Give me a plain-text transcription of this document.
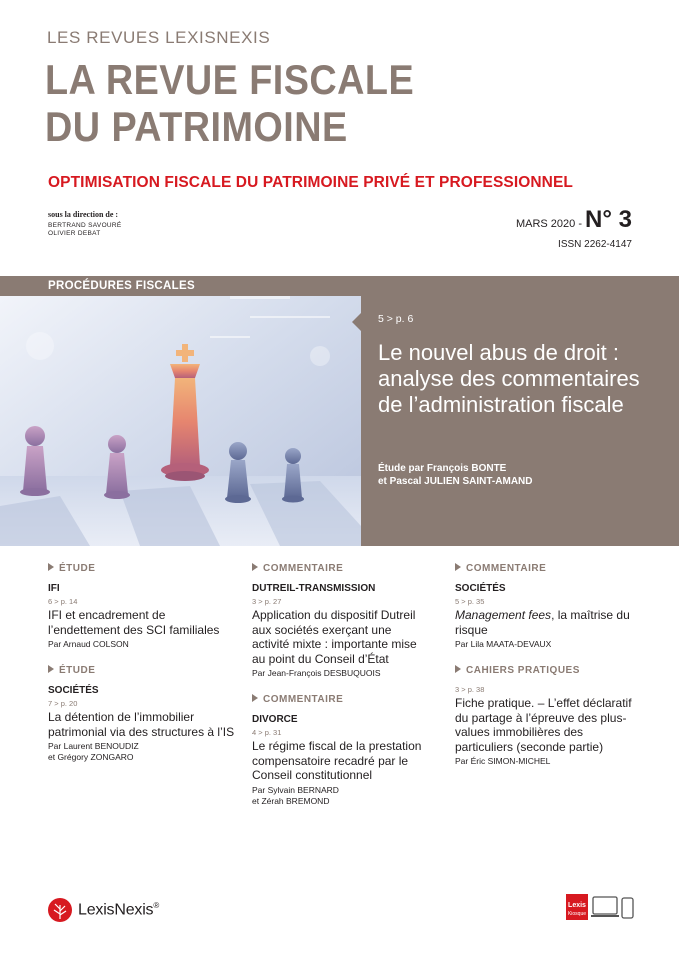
LES REVUES LEXISNEXIS
LA REVUE FISCALE
DU PATRIMOINE
OPTIMISATION FISCALE DU PATRIMOINE PRIVÉ ET PROFESSIONNEL
sous la direction de :
BERTRAND SAVOURÉ
OLIVIER DEBAT
MARS 2020 - N° 3
ISSN 2262-4147
PROCÉDURES FISCALES
5 > p. 6
Le nouvel abus de droit : analyse des commentaires de l’administration fiscale
Étude par François BONTE
et Pascal JULIEN SAINT-AMAND
ÉTUDE
IFI
6 > p. 14
IFI et encadrement de l’endettement des SCI familiales
Par Arnaud COLSON
ÉTUDE
SOCIÉTÉS
7 > p. 20
La détention de l’immobilier patrimonial via des structures à l’IS
Par Laurent BENOUDIZ
et Grégory ZONGARO
COMMENTAIRE
DUTREIL-TRANSMISSION
3 > p. 27
Application du dispositif Dutreil aux sociétés exerçant une activité mixte : importante mise au point du Conseil d’État
Par Jean-François DESBUQUOIS
COMMENTAIRE
DIVORCE
4 > p. 31
Le régime fiscal de la prestation compensatoire recadré par le Conseil constitutionnel
Par Sylvain BERNARD
et Zérah BREMOND
COMMENTAIRE
SOCIÉTÉS
5 > p. 35
Management fees, la maîtrise du risque
Par Lila MAATA-DEVAUX
CAHIERS PRATIQUES
3 > p. 38
Fiche pratique. – L’effet déclaratif du partage à l’épreuve des plus-values immobilières des particuliers (seconde partie)
Par Éric SIMON-MICHEL
LexisNexis®	Lexis
Kiosque
